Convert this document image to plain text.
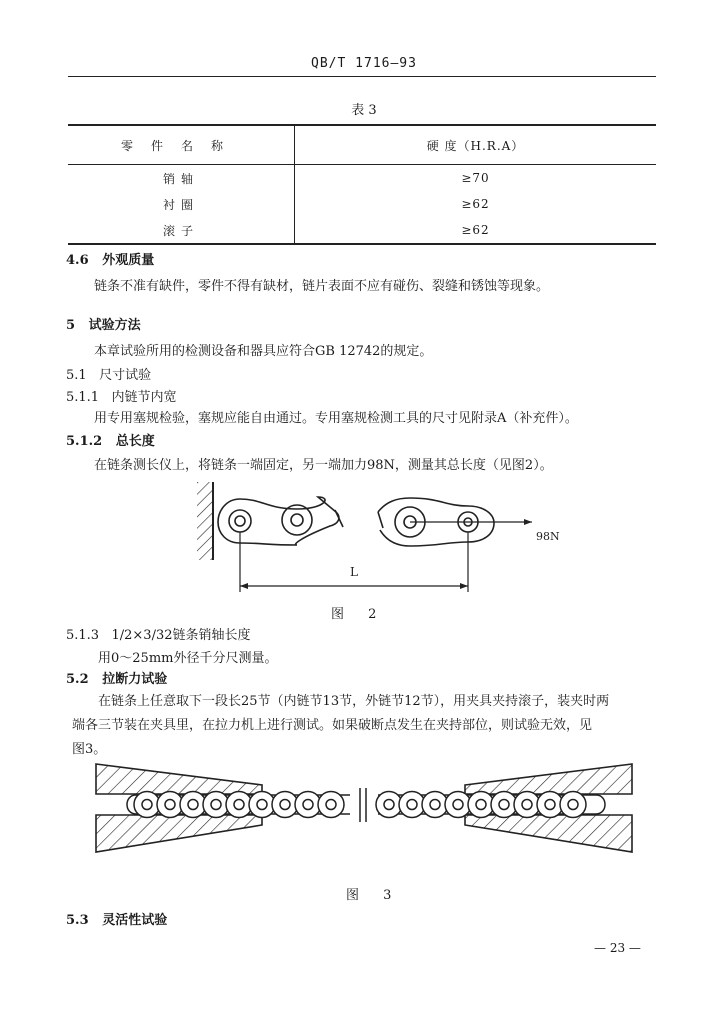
QB/T 1716—93
表 3
零件名称	硬 度（H.R.A）
销轴	≥70
衬圈	≥62
滚子	≥62
4.6 外观质量
链条不准有缺件，零件不得有缺材，链片表面不应有碰伤、裂缝和锈蚀等现象。
5 试验方法
本章试验所用的检测设备和器具应符合GB 12742的规定。
5.1 尺寸试验
5.1.1 内链节内宽
用专用塞规检验，塞规应能自由通过。专用塞规检测工具的尺寸见附录A（补充件）。
5.1.2 总长度
在链条测长仪上，将链条一端固定，另一端加力98N，测量其总长度（见图2）。
98N
L
图 2
5.1.3 1/2×3/32链条销轴长度
用0～25mm外径千分尺测量。
5.2 拉断力试验
在链条上任意取下一段长25节（内链节13节，外链节12节），用夹具夹持滚子，装夹时两
端各三节装在夹具里，在拉力机上进行测试。如果破断点发生在夹持部位，则试验无效，见
图3。
图 3
5.3 灵活性试验
— 23 —
